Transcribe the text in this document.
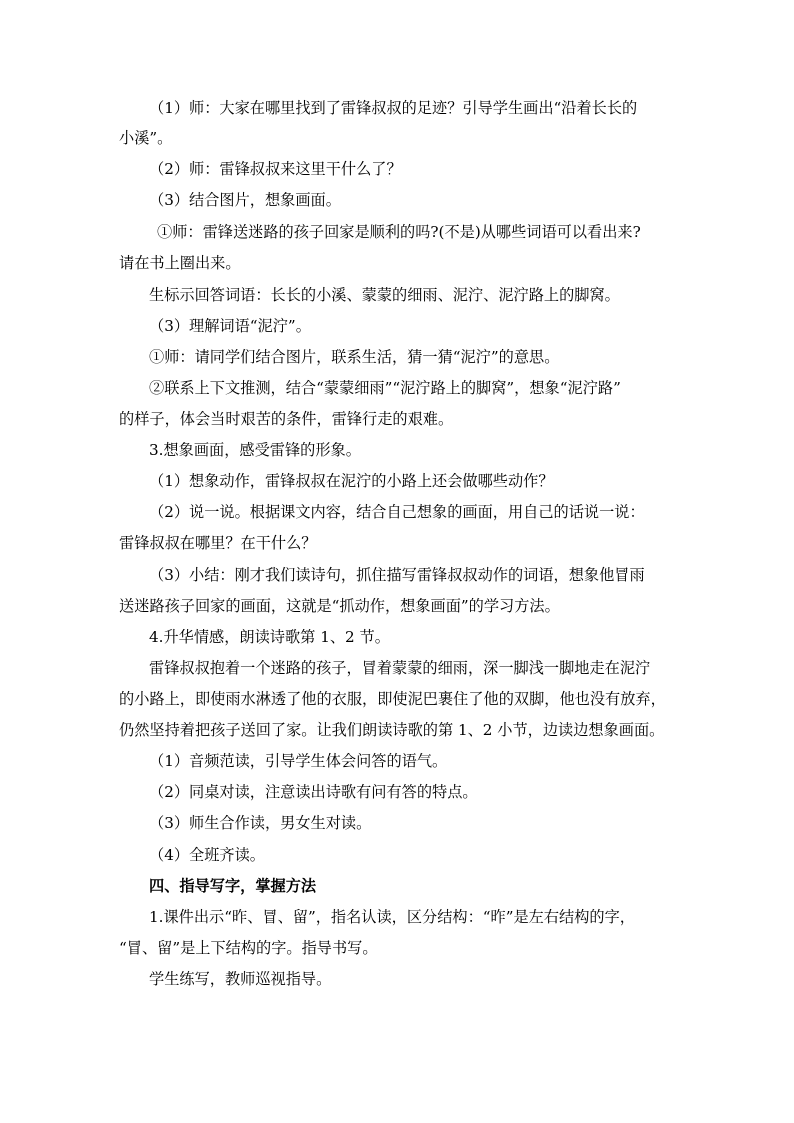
（1）师：大家在哪里找到了雷锋叔叔的足迹？引导学生画出“沿着长长的
小溪”。
（2）师：雷锋叔叔来这里干什么了？
（3）结合图片，想象画面。
①师：雷锋送迷路的孩子回家是顺利的吗?(不是)从哪些词语可以看出来?
请在书上圈出来。
生标示回答词语：长长的小溪、蒙蒙的细雨、泥泞、泥泞路上的脚窝。
（3）理解词语“泥泞”。
①师：请同学们结合图片，联系生活，猜一猜“泥泞”的意思。
②联系上下文推测，结合“蒙蒙细雨”“泥泞路上的脚窝”，想象“泥泞路”
的样子，体会当时艰苦的条件，雷锋行走的艰难。
3.想象画面，感受雷锋的形象。
（1）想象动作，雷锋叔叔在泥泞的小路上还会做哪些动作？
（2）说一说。根据课文内容，结合自己想象的画面，用自己的话说一说：
雷锋叔叔在哪里？在干什么？
（3）小结：刚才我们读诗句，抓住描写雷锋叔叔动作的词语，想象他冒雨
送迷路孩子回家的画面，这就是“抓动作，想象画面”的学习方法。
4.升华情感，朗读诗歌第 1、2 节。
雷锋叔叔抱着一个迷路的孩子，冒着蒙蒙的细雨，深一脚浅一脚地走在泥泞
的小路上，即使雨水淋透了他的衣服，即使泥巴裹住了他的双脚，他也没有放弃，
仍然坚持着把孩子送回了家。让我们朗读诗歌的第 1、2 小节，边读边想象画面。
（1）音频范读，引导学生体会问答的语气。
（2）同桌对读，注意读出诗歌有问有答的特点。
（3）师生合作读，男女生对读。
（4）全班齐读。
四、指导写字，掌握方法
1.课件出示“昨、冒、留”，指名认读，区分结构：“昨”是左右结构的字，
“冒、留”是上下结构的字。指导书写。
学生练写，教师巡视指导。
